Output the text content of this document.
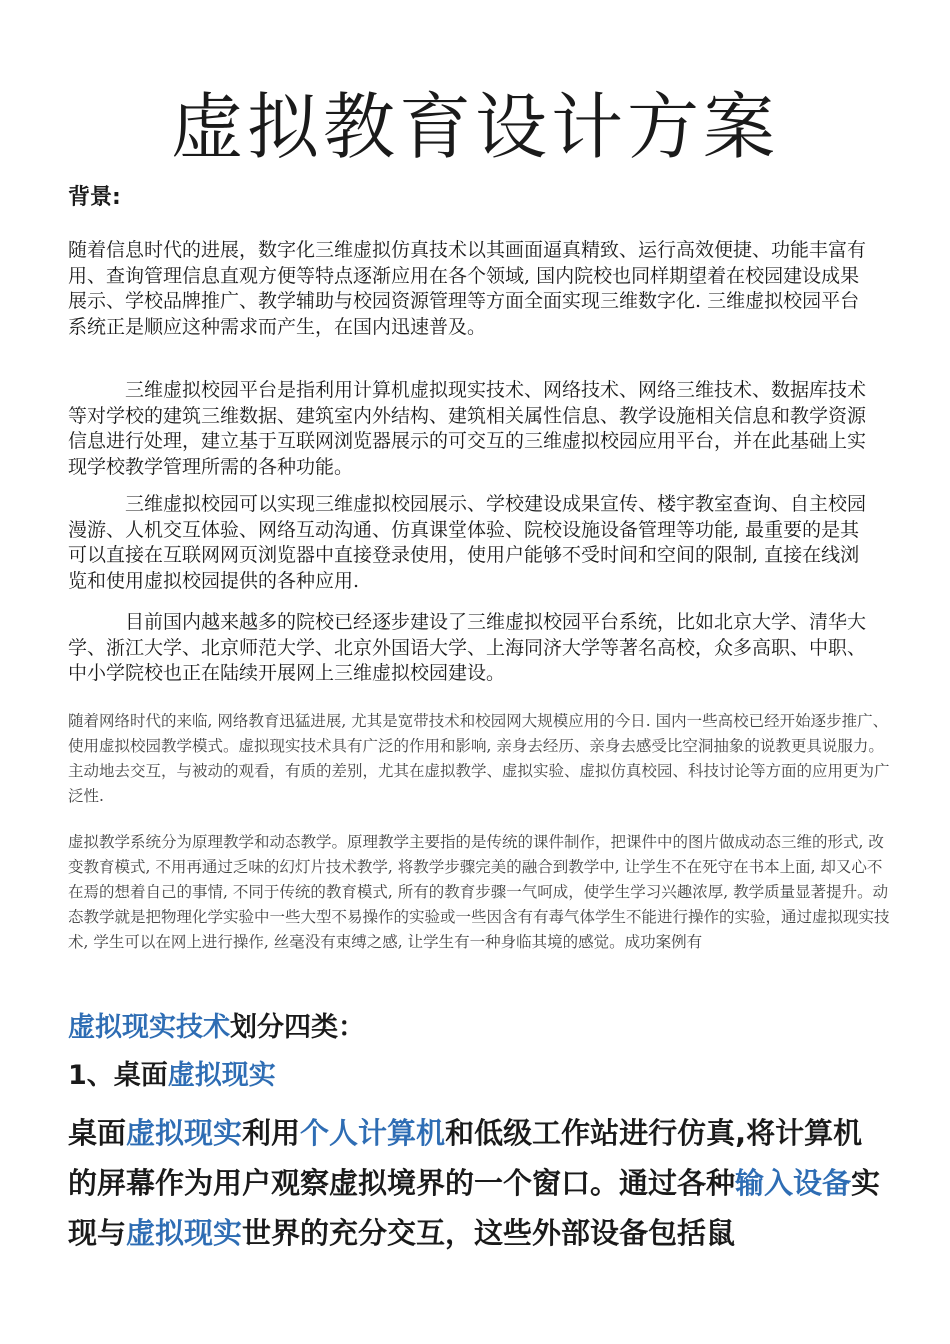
虚拟教育设计方案
背景:

随着信息时代的进展，数字化三维虚拟仿真技术以其画面逼真精致、运行高效便捷、功能丰富有用、查询管理信息直观方便等特点逐渐应用在各个领域, 国内院校也同样期望着在校园建设成果展示、学校品牌推广、教学辅助与校园资源管理等方面全面实现三维数字化. 三维虚拟校园平台系统正是顺应这种需求而产生，在国内迅速普及。

三维虚拟校园平台是指利用计算机虚拟现实技术、网络技术、网络三维技术、数据库技术等对学校的建筑三维数据、建筑室内外结构、建筑相关属性信息、教学设施相关信息和教学资源信息进行处理，建立基于互联网浏览器展示的可交互的三维虚拟校园应用平台，并在此基础上实现学校教学管理所需的各种功能。

三维虚拟校园可以实现三维虚拟校园展示、学校建设成果宣传、楼宇教室查询、自主校园漫游、人机交互体验、网络互动沟通、仿真课堂体验、院校设施设备管理等功能, 最重要的是其可以直接在互联网网页浏览器中直接登录使用，使用户能够不受时间和空间的限制, 直接在线浏览和使用虚拟校园提供的各种应用.

目前国内越来越多的院校已经逐步建设了三维虚拟校园平台系统，比如北京大学、清华大学、浙江大学、北京师范大学、北京外国语大学、上海同济大学等著名高校，众多高职、中职、中小学院校也正在陆续开展网上三维虚拟校园建设。

随着网络时代的来临, 网络教育迅猛进展, 尤其是宽带技术和校园网大规模应用的今日. 国内一些高校已经开始逐步推广、使用虚拟校园教学模式。虚拟现实技术具有广泛的作用和影响, 亲身去经历、亲身去感受比空洞抽象的说教更具说服力。主动地去交互，与被动的观看，有质的差别，尤其在虚拟教学、虚拟实验、虚拟仿真校园、科技讨论等方面的应用更为广泛性.

虚拟教学系统分为原理教学和动态教学。原理教学主要指的是传统的课件制作，把课件中的图片做成动态三维的形式, 改变教育模式, 不用再通过乏味的幻灯片技术教学, 将教学步骤完美的融合到教学中, 让学生不在死守在书本上面, 却又心不在焉的想着自己的事情, 不同于传统的教育模式, 所有的教育步骤一气呵成，使学生学习兴趣浓厚, 教学质量显著提升。动态教学就是把物理化学实验中一些大型不易操作的实验或一些因含有有毒气体学生不能进行操作的实验，通过虚拟现实技术, 学生可以在网上进行操作, 丝毫没有束缚之感, 让学生有一种身临其境的感觉。成功案例有

虚拟现实技术划分四类：
1、桌面虚拟现实

桌面虚拟现实利用个人计算机和低级工作站进行仿真,将计算机的屏幕作为用户观察虚拟境界的一个窗口。通过各种输入设备实现与虚拟现实世界的充分交互，这些外部设备包括鼠
